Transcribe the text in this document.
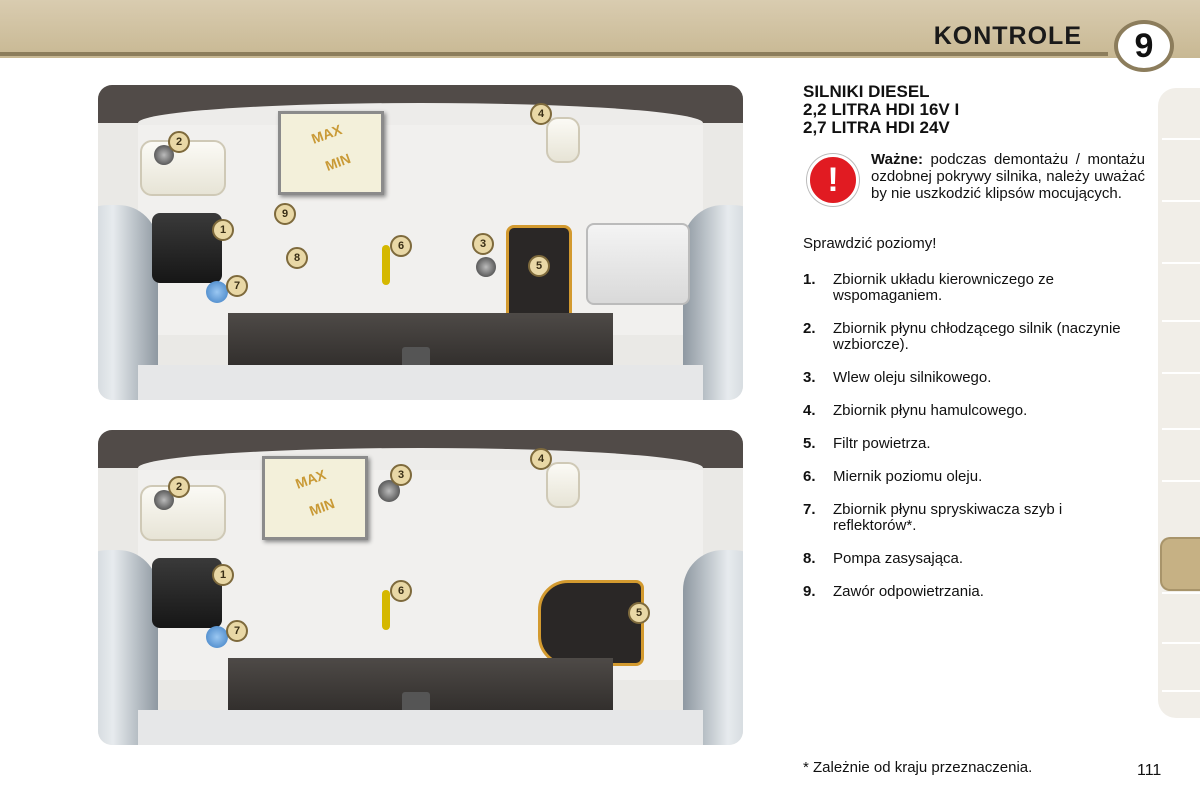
KONTROLE	9
MAX
MIN
1
2
3
4
5
6
7
8
9
MAX
MIN
1
2
3
4
5
6
7
SILNIKI DIESEL
2,2 LITRA HDI 16V I
2,7 LITRA HDI 24V
!
Ważne: podczas demontażu / montażu ozdobnej pokrywy silnika, należy uważać by nie uszkodzić klipsów mocujących.
Sprawdzić poziomy!
1.	Zbiornik układu kierowniczego ze wspomaganiem.
2.	Zbiornik płynu chłodzącego silnik (naczynie wzbiorcze).
3.	Wlew oleju silnikowego.
4.	Zbiornik płynu hamulcowego.
5.	Filtr powietrza.
6.	Miernik poziomu oleju.
7.	Zbiornik płynu spryskiwacza szyb i reflektorów*.
8.	Pompa zasysająca.
9.	Zawór odpowietrzania.
* Zależnie od kraju przeznaczenia.	111
